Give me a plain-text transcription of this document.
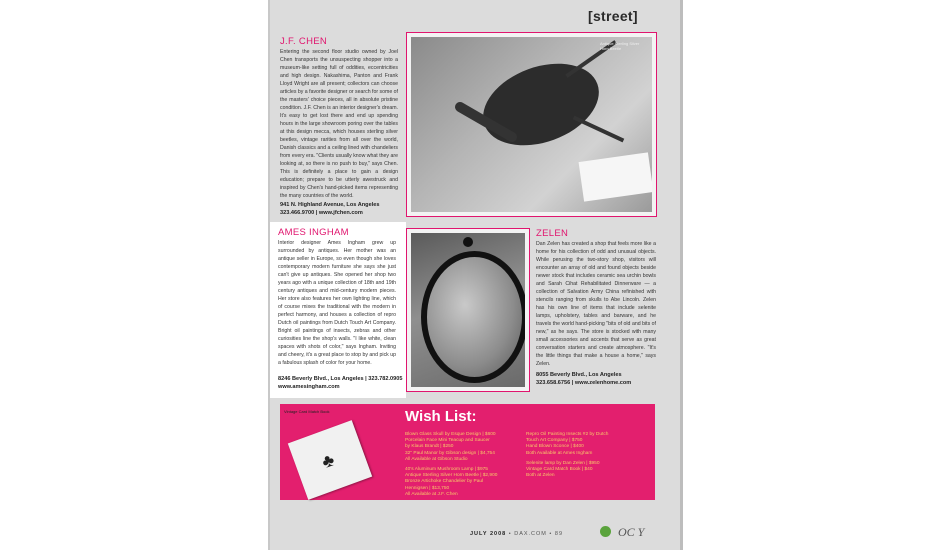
[street]
J.F. CHEN
Entering the second floor studio owned by Joel Chen transports the unsuspecting shopper into a museum-like setting full of oddities, eccentricities and high design. Nakashima, Panton and Frank Lloyd Wright are all present; collectors can choose articles by a favorite designer or search for some of the masters' choice pieces, all in absolute pristine condition. J.F. Chen is an interior designer's dream. It's easy to get lost there and end up spending hours in the large showroom poring over the tables at this design mecca, which houses sterling silver beetles, vintage rarities from all over the world, Danish classics and a ceiling lined with chandeliers from every era. "Clients usually know what they are looking at, so there is no push to buy," says Chen. This is definitely a place to gain a design education; prepare to be utterly awestruck and inspired by Chen's hand-picked items representing the many countries of the world.
941 N. Highland Avenue, Los Angeles
323.466.9700 | www.jfchen.com
Antique Sterling Silver Horn Beetle
AMES INGHAM
Interior designer Ames Ingham grew up surrounded by antiques. Her mother was an antique seller in Europe, so even though she loves contemporary modern furniture she says she just can't give up antiques. She opened her shop two years ago with a unique collection of 18th and 19th century antiques and mid-century modern pieces. Her store also features her own lighting line, which of course mixes the traditional with the modern in perfect harmony, and houses a collection of repro Dutch oil paintings from Dutch Touch Art Company. Bright oil paintings of insects, zebras and other curiosities line the shop's walls. "I like white, clean spaces with shots of color," says Ingham. Inviting and cheery, it's a great place to stop by and pick up a fabulous splash of color for your home.
8246 Beverly Blvd., Los Angeles | 323.782.0905
www.amesingham.com
ZELEN
Dan Zelen has created a shop that feels more like a home for his collection of odd and unusual objects. While perusing the two-story shop, visitors will encounter an array of old and found objects beside newer stock that includes ceramic sea urchin bowls and Sarah Cihat Rehabilitated Dinnerware — a collection of Salvation Army China refinished with stencils ranging from skulls to Abe Lincoln. Zelen has his own line of items that include selenite lamps, upholstery, tables and barware, and he travels the world hand-picking "bits of old and bits of new," as he says. The store is stocked with many small accessories and accents that serve as great conversation starters and create atmosphere. "It's the little things that make a house a home," says Zelen.
8055 Beverly Blvd., Los Angeles
323.658.6756 | www.zelenhome.com
♣
Vintage Card Match Book	Wish List:
Blown Glass Skull by Esque Design | $600
Porcelain Face Mini Teacup and Saucer
by Klaus Brandt | $250
32" Paul Manor by Gibson design | $4,754
All Available at Gibson Studio
40's Aluminum Mushroom Lamp | $975
Antique Sterling Silver Horn Beetle | $2,900
Bronze Artichoke Chandelier by Paul
Hennigsen | $13,750
All Available at J.F. Chen
Repro Oil Painting Insects #2 by Dutch
Touch Art Company | $750
Hand Blown Sconce | $400
Both Available at Ames Ingham
Selenite lamp by Dan Zelen | $950
Vintage Card Match Book | $40
Both at Zelen
JULY 2008 • DAX.COM • 89	OC Y
